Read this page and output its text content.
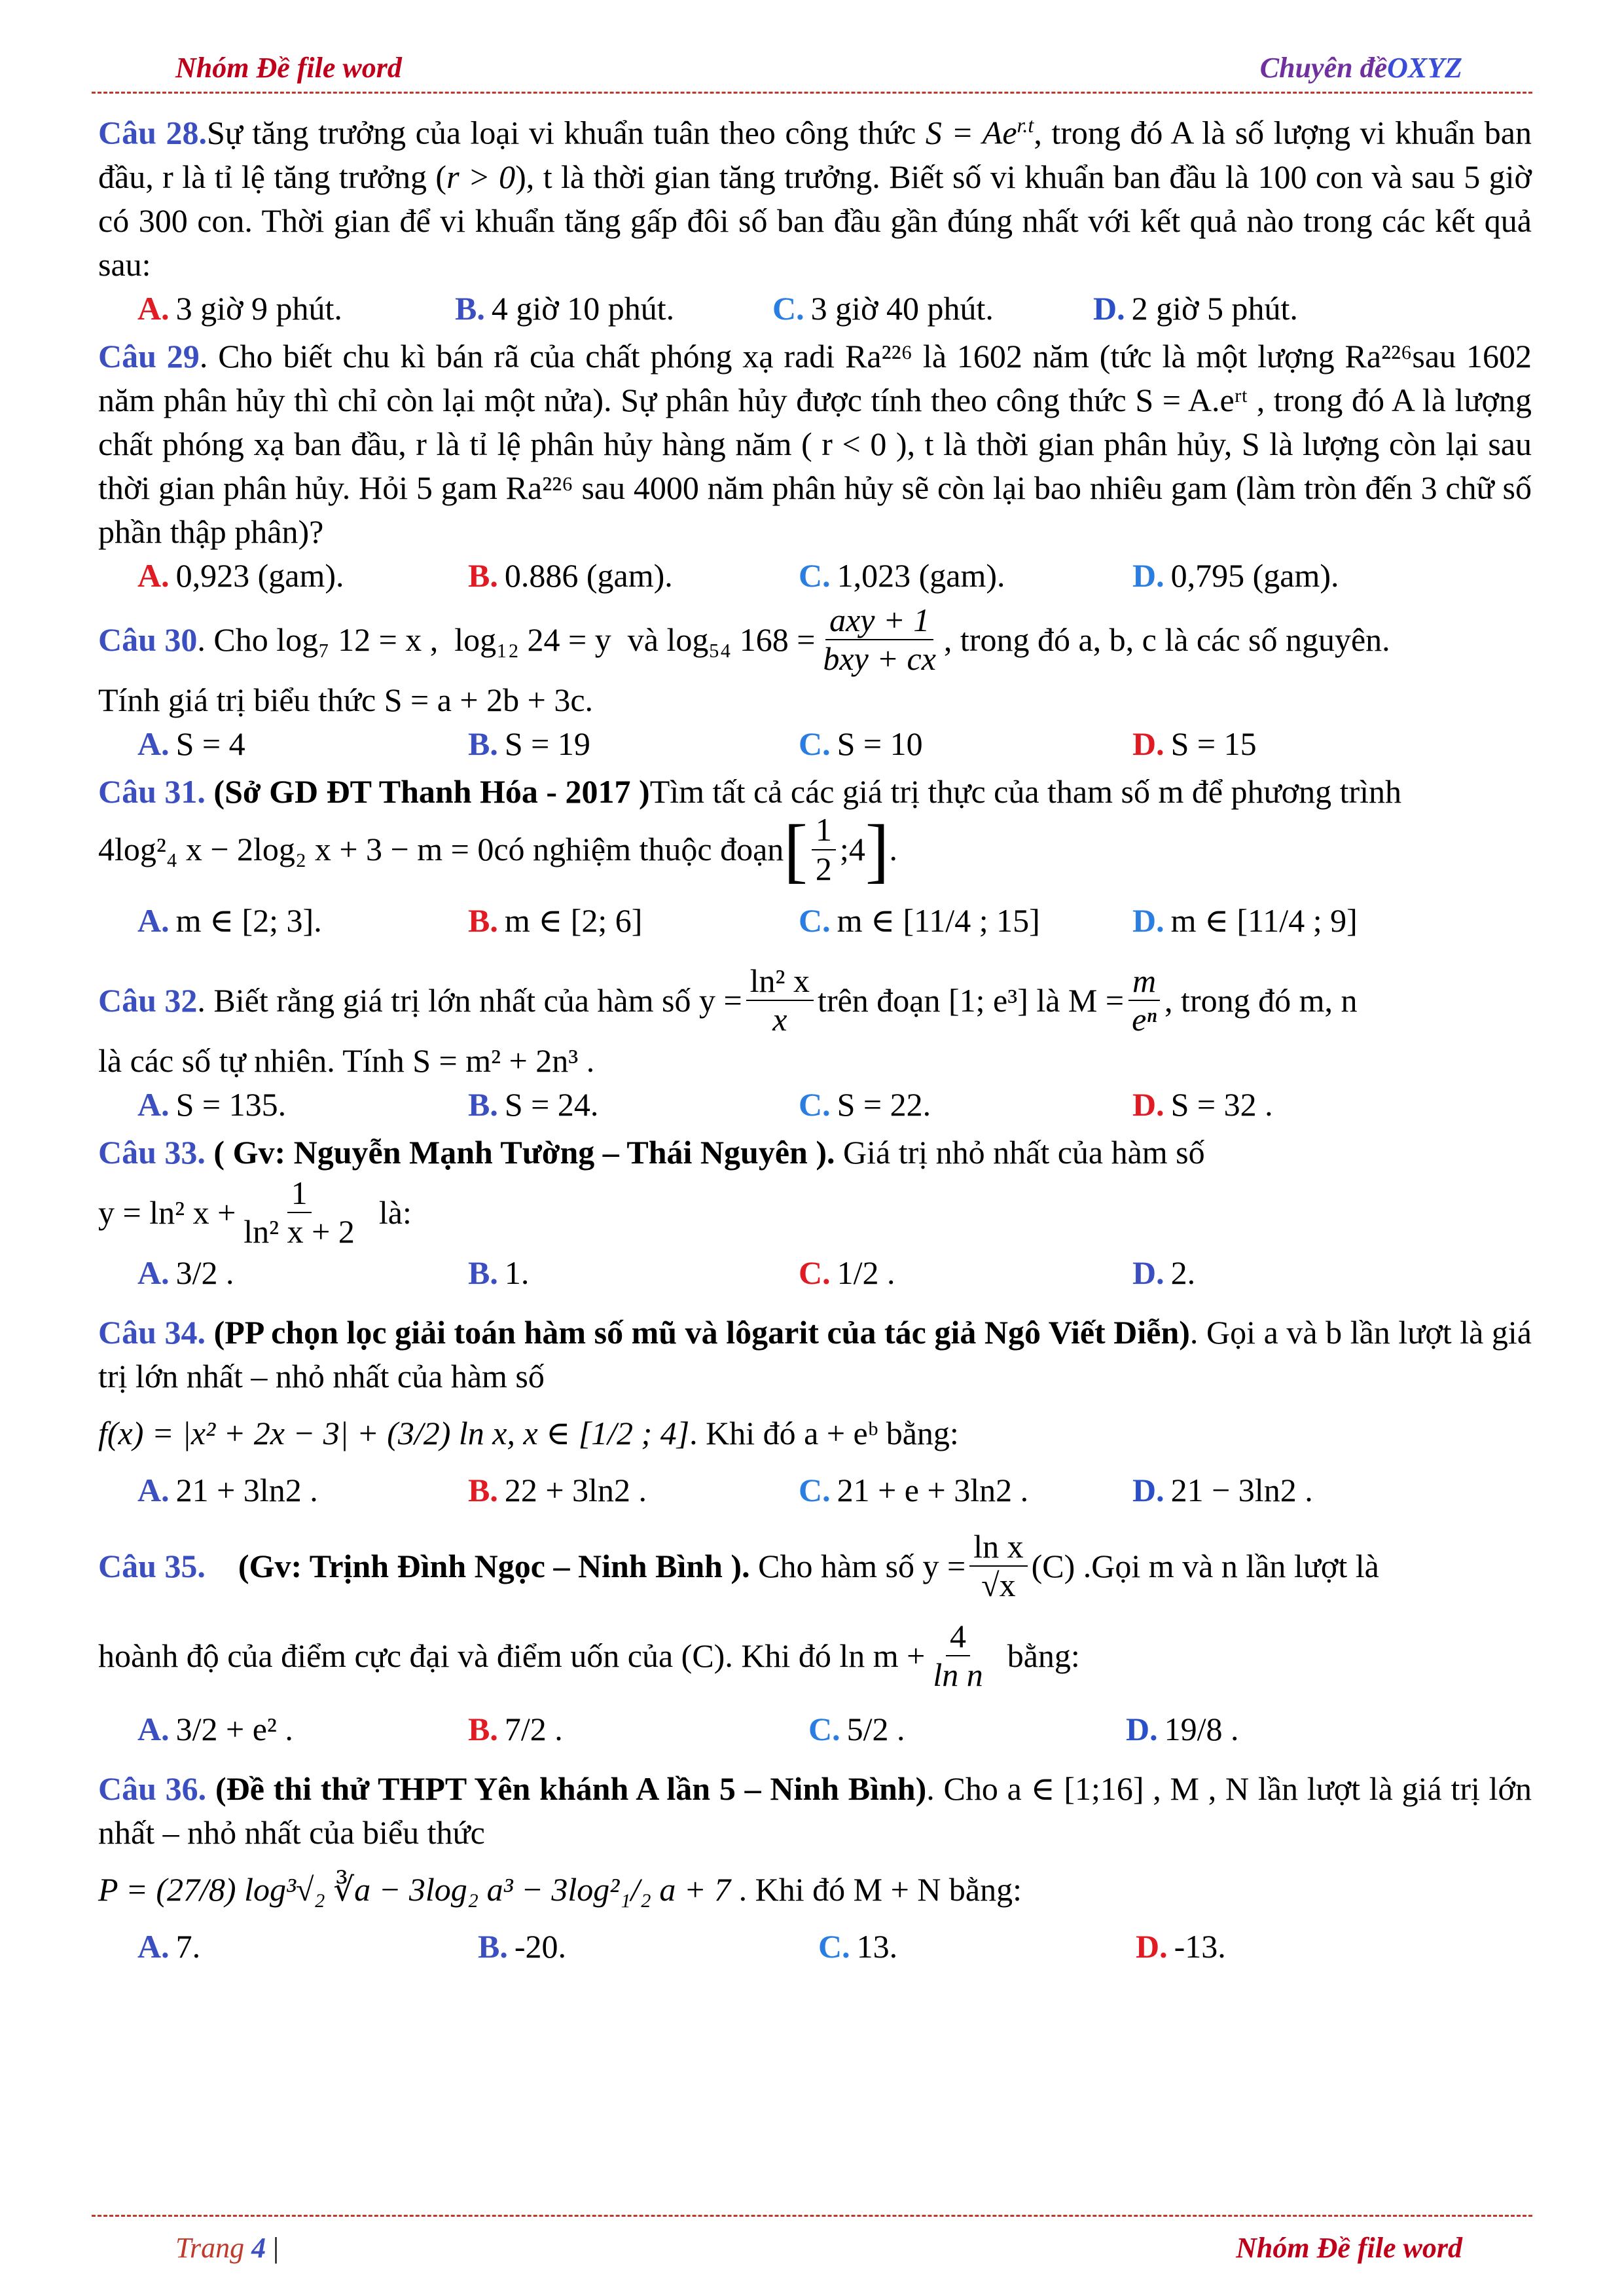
Nhóm Đề file word	Chuyên đềOXYZ

Câu 28.Sự tăng trưởng của loại vi khuẩn tuân theo công thức $S = Ae^{r.t}$, trong đó A là số lượng vi khuẩn ban đầu, r là tỉ lệ tăng trưởng (r > 0), t là thời gian tăng trưởng. Biết số vi khuẩn ban đầu là 100 con và sau 5 giờ có 300 con. Thời gian để vi khuẩn tăng gấp đôi số ban đầu gần đúng nhất với kết quả nào trong các kết quả sau:

A. 3 giờ 9 phút.	B. 4 giờ 10 phút.	C. 3 giờ 40 phút.	D. 2 giờ 5 phút.

Câu 29. Cho biết chu kì bán rã của chất phóng xạ radi Ra²²⁶ là 1602 năm (tức là một lượng Ra²²⁶sau 1602 năm phân hủy thì chỉ còn lại một nửa). Sự phân hủy được tính theo công thức S = A.eʳᵗ , trong đó A là lượng chất phóng xạ ban đầu, r là tỉ lệ phân hủy hàng năm ( r < 0 ), t là thời gian phân hủy, S là lượng còn lại sau thời gian phân hủy. Hỏi 5 gam Ra²²⁶ sau 4000 năm phân hủy sẽ còn lại bao nhiêu gam (làm tròn đến 3 chữ số phần thập phân)?

A. 0,923 (gam).	B. 0.886 (gam).	C. 1,023 (gam).	D. 0,795 (gam).

Câu 30 . Cho log₇ 12 = x ,  log₁₂ 24 = y  và log₅₄ $168 = \frac{\text{axy + 1}}{\text{bxy + cx}}$ , trong đó a, b, c là các số nguyên.

Tính giá trị biểu thức S = a + 2b + 3c.

A. S = 4	B. S = 19	C. S = 10	D. S = 15

Câu 31. (Sở GD ĐT Thanh Hóa - 2017 )Tìm tất cả các giá trị thực của tham số m để phương trình

4log²₄ x − 2log₂ x + 3 − m = 0 có nghiệm thuộc đoạn [ $\frac{1}{2}$ ;4 ] .

A. m ∈ [2; 3].	B. m ∈ [2; 6]	C. m ∈ [11/4 ; 15]	D. m ∈ [11/4 ; 9]

Câu 32 . Biết rằng giá trị lớn nhất của hàm số $y = \frac{\text{ln² x}}{x}$ trên đoạn [1; e³] là $M = \frac{m}{\text{eⁿ}}$ , trong đó m, n

là các số tự nhiên. Tính S = m² + 2n³ .

A. S = 135.	B. S = 24.	C. S = 22.	D. S = 32 .

Câu 33. ( Gv: Nguyễn Mạnh Tường – Thái Nguyên ). Giá trị nhỏ nhất của hàm số

y = ln² $x + \frac{1}{\text{ln² x + 2}}$ là:

A. 3/2 .	B. 1.	C. 1/2 .	D. 2.

Câu 34. (PP chọn lọc giải toán hàm số mũ và lôgarit của tác giả Ngô Viết Diễn). Gọi a và b lần lượt là giá trị lớn nhất – nhỏ nhất của hàm số

f(x) = |x² + 2x − 3| + (3/2) ln x, x ∈ [1/2 ; 4]. Khi đó a + eᵇ bằng:

A. 21 + 3ln2 .	B. 22 + 3ln2 .	C. 21 + e + 3ln2 .	D. 21 − 3ln2 .

Câu 35. (Gv: Trịnh Đình Ngọc – Ninh Bình ). Cho hàm số $y = \frac{\text{ln x}}{√x} (C)$ .Gọi m và n lần lượt là

hoành độ của điểm cực đại và điểm uốn của (C). Khi đó $\ln m + \frac{4}{\text{ln n}}$ bằng:

A. 3/2 + e² .	B. 7/2 .	C. 5/2 .	D. 19/8 .

Câu 36. (Đề thi thử THPT Yên khánh A lần 5 – Ninh Bình). Cho a ∈ [1;16] , M , N lần lượt là giá trị lớn nhất – nhỏ nhất của biểu thức

P = (27/8) log³√₂ ∛a − 3log₂ a³ − 3log²₁/₂ a + 7 . Khi đó M + N bằng:

A. 7.	B. -20.	C. 13.	D. -13.
Trang 4 |	Nhóm Đề file word
